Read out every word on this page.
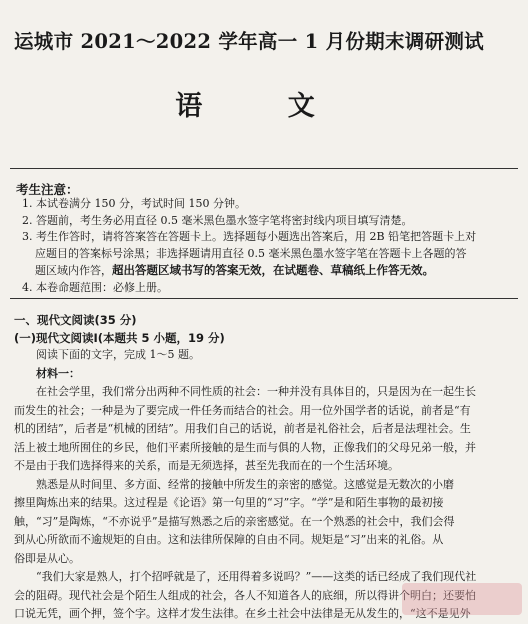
运城市 2021～2022 学年高一 1 月份期末调研测试
语 文
考生注意：

1. 本试卷满分 150 分，考试时间 150 分钟。

2. 答题前，考生务必用直径 0.5 毫米黑色墨水签字笔将密封线内项目填写清楚。

3. 考生作答时，请将答案答在答题卡上。选择题每小题选出答案后，用 2B 铅笔把答题卡上对

应题目的答案标号涂黑；非选择题请用直径 0.5 毫米黑色墨水签字笔在答题卡上各题的答

题区域内作答，超出答题区域书写的答案无效，在试题卷、草稿纸上作答无效。

4. 本卷命题范围：必修上册。

一、现代文阅读(35 分)
(一)现代文阅读Ⅰ(本题共 5 小题，19 分)

阅读下面的文字，完成 1～5 题。

材料一：

在社会学里，我们常分出两种不同性质的社会：一种并没有具体目的，只是因为在一起生长

而发生的社会；一种是为了要完成一件任务而结合的社会。用一位外国学者的话说，前者是“有

机的团结”，后者是“机械的团结”。用我们自己的话说，前者是礼俗社会，后者是法理社会。生

活上被土地所囿住的乡民，他们平素所接触的是生而与俱的人物，正像我们的父母兄弟一般，并

不是由于我们选择得来的关系，而是无须选择，甚至先我而在的一个生活环境。

熟悉是从时间里、多方面、经常的接触中所发生的亲密的感觉。这感觉是无数次的小磨

擦里陶炼出来的结果。这过程是《论语》第一句里的“习”字。“学”是和陌生事物的最初接

触，“习”是陶炼，“不亦说乎”是描写熟悉之后的亲密感觉。在一个熟悉的社会中，我们会得

到从心所欲而不逾规矩的自由。这和法律所保障的自由不同。规矩是“习”出来的礼俗。从

俗即是从心。

“我们大家是熟人，打个招呼就是了，还用得着多说吗？”——这类的话已经成了我们现代社

会的阻碍。现代社会是个陌生人组成的社会，各人不知道各人的底细，所以得讲个明白；还要怕

口说无凭，画个押，签个字。这样才发生法律。在乡土社会中法律是无从发生的，“这不是见外
